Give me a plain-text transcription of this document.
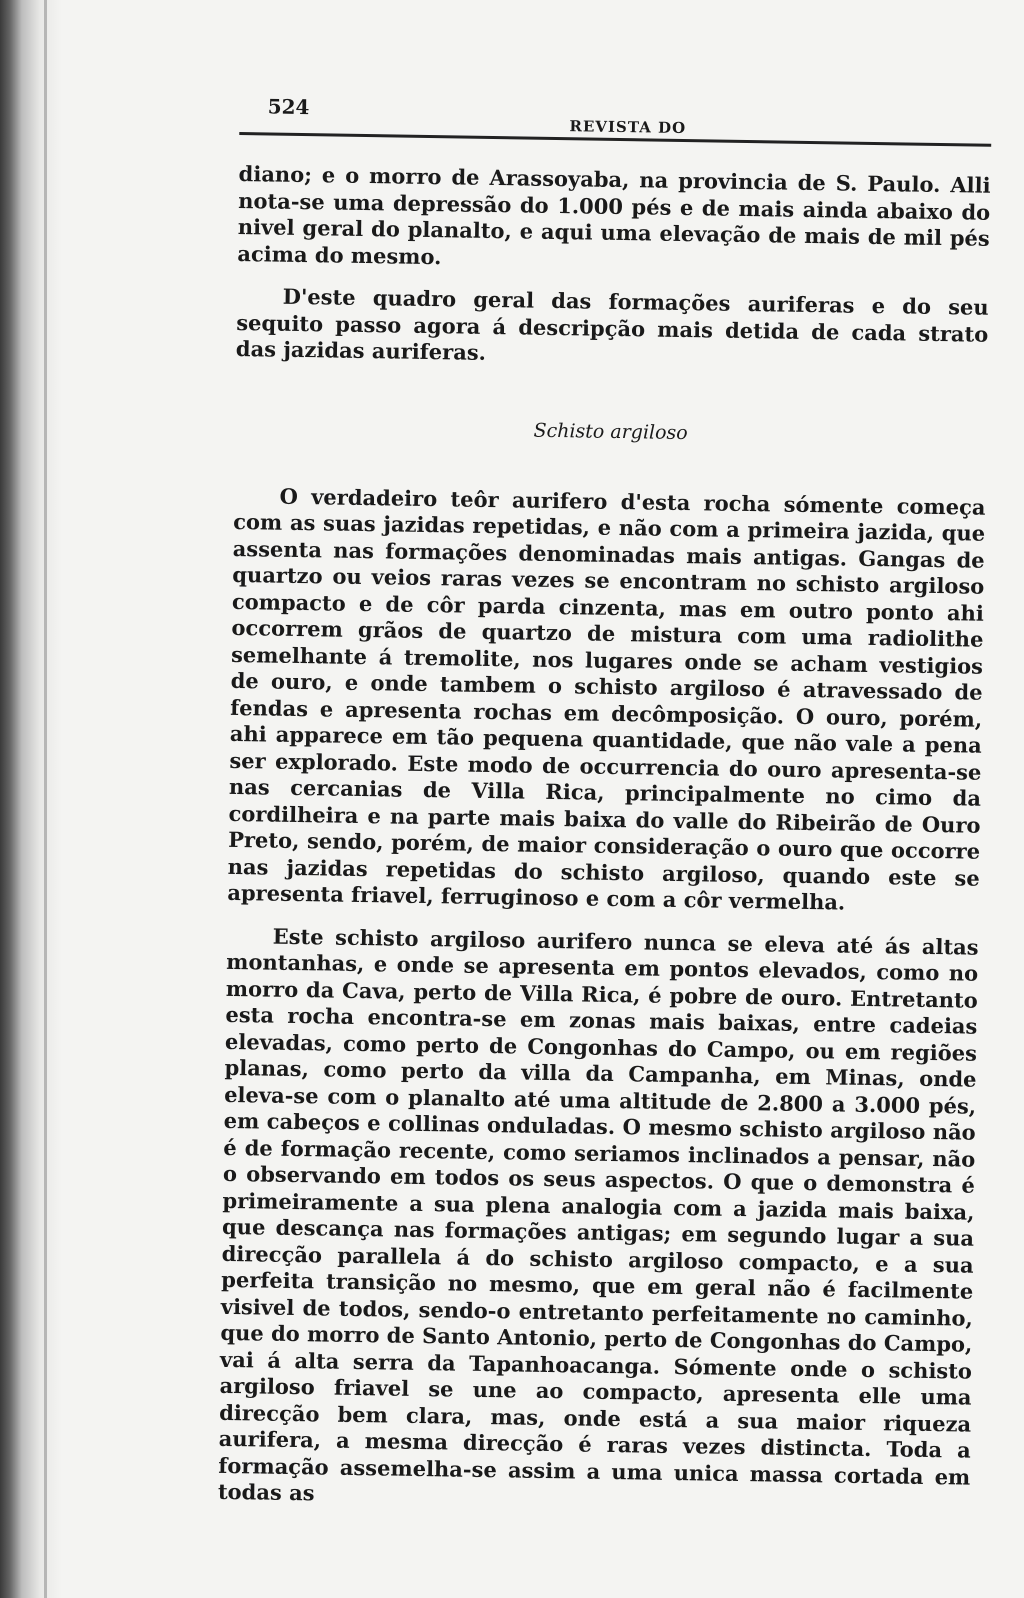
524
REVISTA DO

diano; e o morro de Arassoyaba, na provincia de S. Paulo. Alli nota-se uma depressão do 1.000 pés e de mais ainda abaixo do nivel geral do planalto, e aqui uma elevação de mais de mil pés acima do mesmo.

D'este quadro geral das formações auriferas e do seu sequito passo agora á descripção mais detida de cada strato das jazidas auriferas.

Schisto argiloso

O verdadeiro teôr aurifero d'esta rocha sómente começa com as suas jazidas repetidas, e não com a primeira jazida, que assenta nas formações denominadas mais antigas. Gangas de quartzo ou veios raras vezes se encontram no schisto argiloso compacto e de côr parda cinzenta, mas em outro ponto ahi occorrem grãos de quartzo de mistura com uma radiolithe semelhante á tremolite, nos lugares onde se acham vestigios de ouro, e onde tambem o schisto argiloso é atravessado de fendas e apresenta rochas em decômposição. O ouro, porém, ahi apparece em tão pequena quantidade, que não vale a pena ser explorado. Este modo de occurrencia do ouro apresenta-se nas cercanias de Villa Rica, principalmente no cimo da cordilheira e na parte mais baixa do valle do Ribeirão de Ouro Preto, sendo, porém, de maior consideração o ouro que occorre nas jazidas repetidas do schisto argiloso, quando este se apresenta friavel, ferruginoso e com a côr vermelha.

Este schisto argiloso aurifero nunca se eleva até ás altas montanhas, e onde se apresenta em pontos elevados, como no morro da Cava, perto de Villa Rica, é pobre de ouro. Entretanto esta rocha encontra-se em zonas mais baixas, entre cadeias elevadas, como perto de Congonhas do Campo, ou em regiões planas, como perto da villa da Campanha, em Minas, onde eleva-se com o planalto até uma altitude de 2.800 a 3.000 pés, em cabeços e collinas onduladas. O mesmo schisto argiloso não é de formação recente, como seriamos inclinados a pensar, não o observando em todos os seus aspectos. O que o demonstra é primeiramente a sua plena analogia com a jazida mais baixa, que descança nas formações antigas; em segundo lugar a sua direcção parallela á do schisto argiloso compacto, e a sua perfeita transição no mesmo, que em geral não é facilmente visivel de todos, sendo-o entretanto perfeitamente no caminho, que do morro de Santo Antonio, perto de Congonhas do Campo, vai á alta serra da Tapanhoacanga. Sómente onde o schisto argiloso friavel se une ao compacto, apresenta elle uma direcção bem clara, mas, onde está a sua maior riqueza aurifera, a mesma direcção é raras vezes distincta. Toda a formação assemelha-se assim a uma unica massa cortada em todas as
